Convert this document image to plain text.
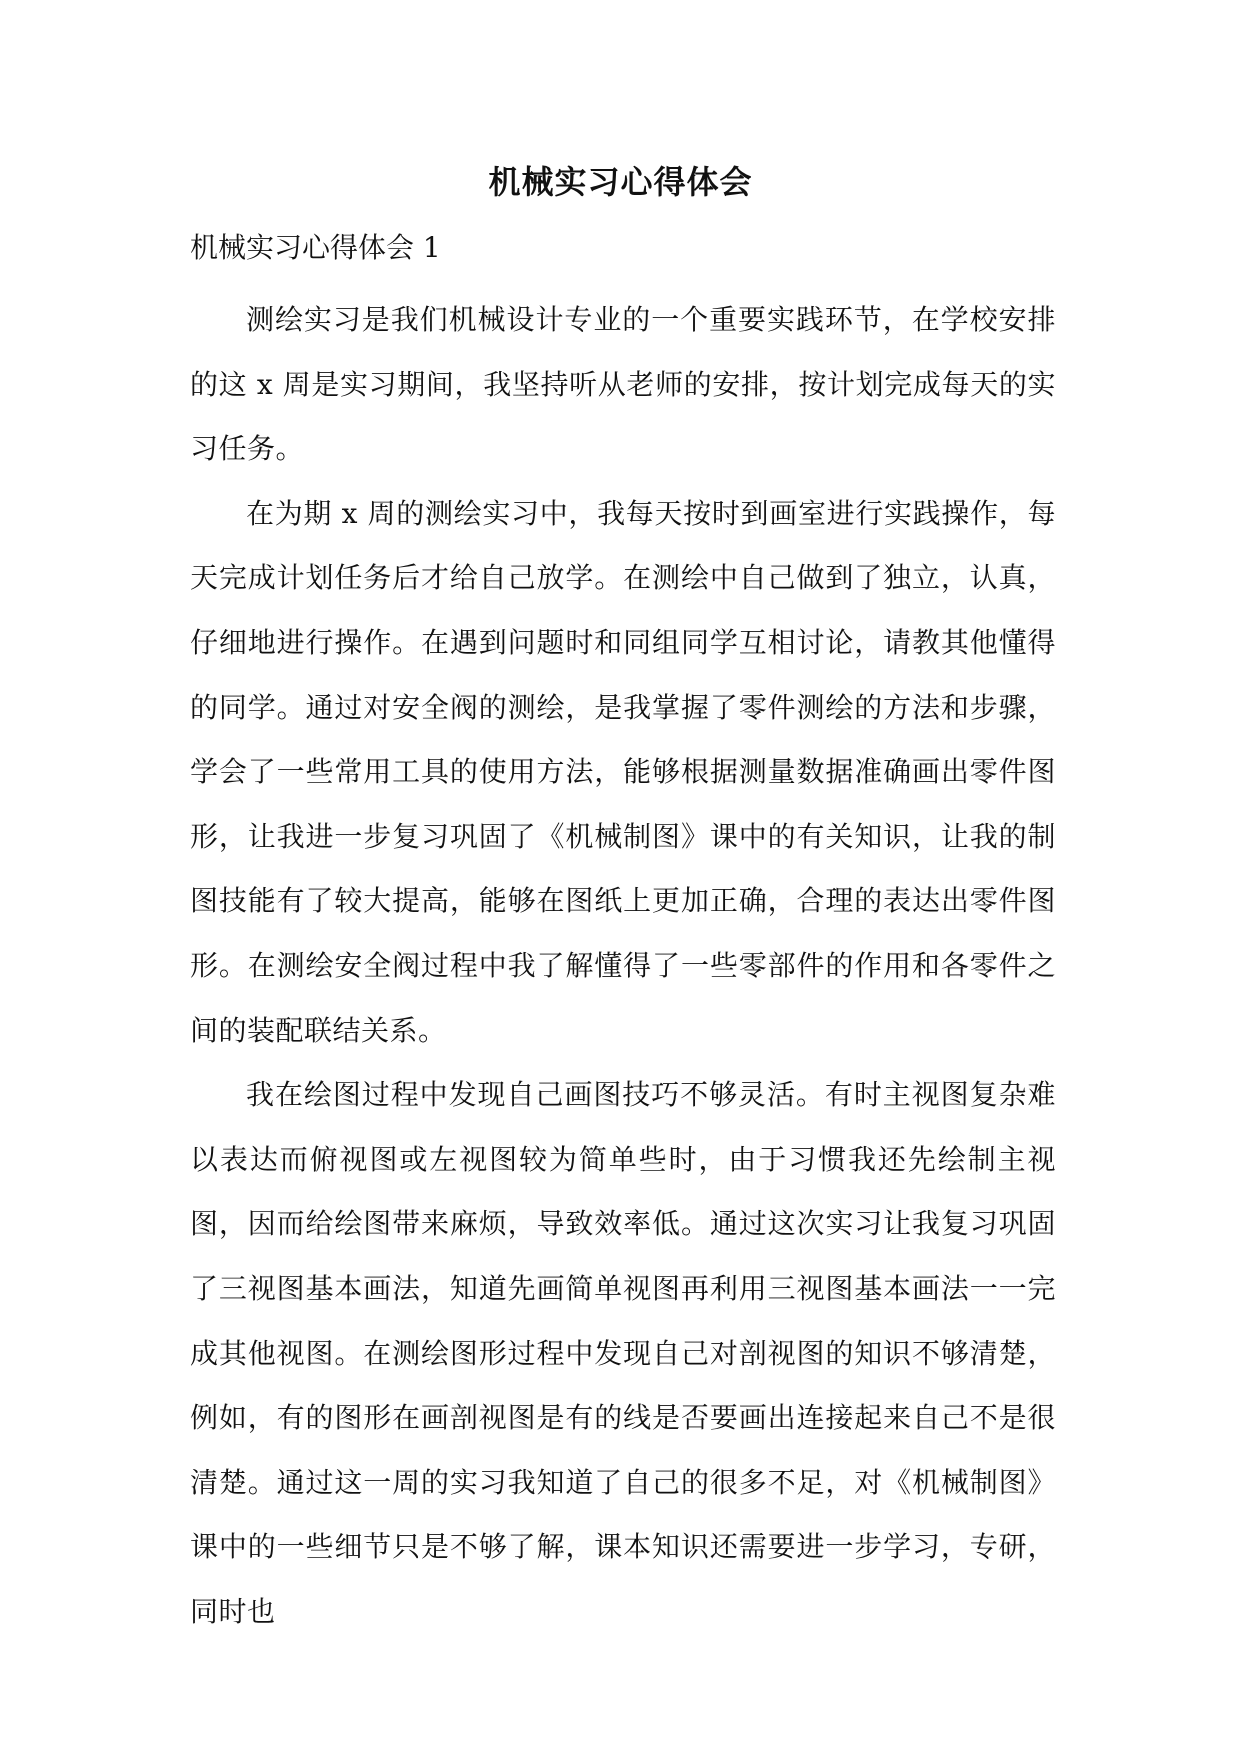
机械实习心得体会
机械实习心得体会 1

测绘实习是我们机械设计专业的一个重要实践环节，在学校安排的这 x 周是实习期间，我坚持听从老师的安排，按计划完成每天的实习任务。

在为期 x 周的测绘实习中，我每天按时到画室进行实践操作，每天完成计划任务后才给自己放学。在测绘中自己做到了独立，认真，仔细地进行操作。在遇到问题时和同组同学互相讨论，请教其他懂得的同学。通过对安全阀的测绘，是我掌握了零件测绘的方法和步骤，学会了一些常用工具的使用方法，能够根据测量数据准确画出零件图形，让我进一步复习巩固了《机械制图》课中的有关知识，让我的制图技能有了较大提高，能够在图纸上更加正确，合理的表达出零件图形。在测绘安全阀过程中我了解懂得了一些零部件的作用和各零件之间的装配联结关系。

我在绘图过程中发现自己画图技巧不够灵活。有时主视图复杂难以表达而俯视图或左视图较为简单些时，由于习惯我还先绘制主视图，因而给绘图带来麻烦，导致效率低。通过这次实习让我复习巩固了三视图基本画法，知道先画简单视图再利用三视图基本画法一一完成其他视图。在测绘图形过程中发现自己对剖视图的知识不够清楚，例如，有的图形在画剖视图是有的线是否要画出连接起来自己不是很清楚。通过这一周的实习我知道了自己的很多不足，对《机械制图》课中的一些细节只是不够了解，课本知识还需要进一步学习，专研，同时也
